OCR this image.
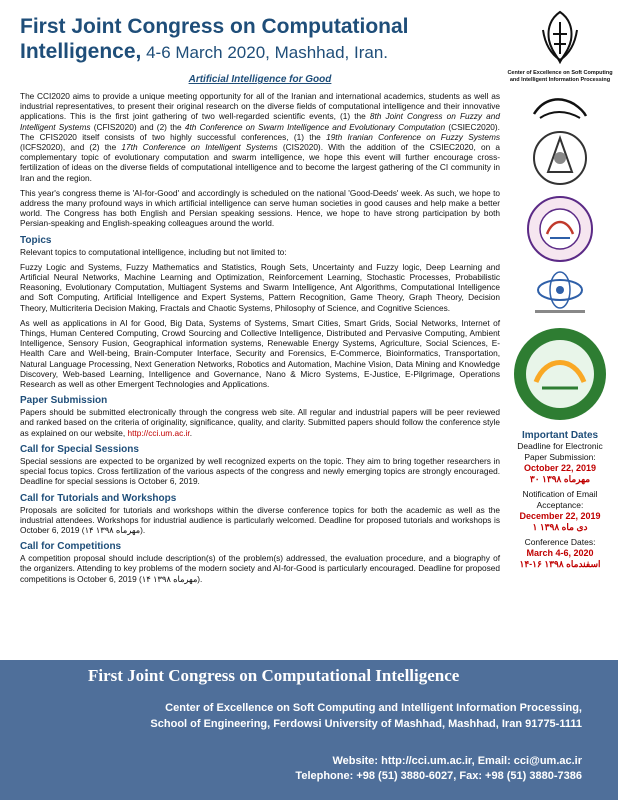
First Joint Congress on Computational
Intelligence, 4-6 March 2020, Mashhad, Iran.
Artificial Intelligence for Good

The CCI2020 aims to provide a unique meeting opportunity for all of the Iranian and international academics, students as well as industrial representatives, to present their original research on the diverse fields of computational intelligence and their innovative applications. This is the first joint gathering of two well-regarded scientific events, (1) the 8th Joint Congress on Fuzzy and Intelligent Systems (CFIS2020) and (2) the 4th Conference on Swarm Intelligence and Evolutionary Computation (CSIEC2020). The CFIS2020 itself consists of two highly successful conferences, (1) the 19th Iranian Conference on Fuzzy Systems (ICFS2020), and (2) the 17th Conference on Intelligent Systems (CIS2020). With the addition of the CSIEC2020, on a complementary topic of evolutionary computation and swarm intelligence, we hope this event will further encourage cross-fertilization of ideas on the diverse fields of computational intelligence and to become the largest gathering of the CI community in Iran and the region.

This year's congress theme is 'AI-for-Good' and accordingly is scheduled on the national 'Good-Deeds' week. As such, we hope to address the many profound ways in which artificial intelligence can serve human societies in good causes and help make a better world. The Congress has both English and Persian speaking sessions. Hence, we hope to have strong participation by both Persian-speaking and English-speaking colleagues around the world.

Topics

Relevant topics to computational intelligence, including but not limited to:

Fuzzy Logic and Systems, Fuzzy Mathematics and Statistics, Rough Sets, Uncertainty and Fuzzy logic, Deep Learning and Artificial Neural Networks, Machine Learning and Optimization, Reinforcement Learning, Stochastic Processes, Probabilistic Reasoning, Evolutionary Computation, Multiagent Systems and Swarm Intelligence, Ant Algorithms, Computational Intelligence and Soft Computing, Artificial Intelligence and Expert Systems, Pattern Recognition, Game Theory, Graph Theory, Decision Theory, Multicriteria Decision Making, Fractals and Chaotic Systems, Philosophy of Science, and Cognitive Sciences.

As well as applications in AI for Good, Big Data, Systems of Systems, Smart Cities, Smart Grids, Social Networks, Internet of Things, Human Centered Computing, Crowd Sourcing and Collective Intelligence, Distributed and Pervasive Computing, Ambient Intelligence, Sensory Fusion, Geographical information systems, Renewable Energy Systems, Agriculture, Social Sciences, E-Health Care and Well-being, Brain-Computer Interface, Security and Forensics, E-Commerce, Bioinformatics, Transportation, Natural Language Processing, Next Generation Networks, Robotics and Automation, Machine Vision, Data Mining and Knowledge Discovery, Web-based Learning, Intelligence and Governance, Nano & Micro Systems, E-Justice, E-Pilgrimage, Operations Research as well as other Emergent Technologies and Applications.

Paper Submission

Papers should be submitted electronically through the congress web site. All regular and industrial papers will be peer reviewed and ranked based on the criteria of originality, significance, quality, and clarity. Submitted papers should follow the conference style as explained on our website, http://cci.um.ac.ir.

Call for Special Sessions

Special sessions are expected to be organized by well recognized experts on the topic. They aim to bring together researchers in special focus topics. Cross fertilization of the various aspects of the congress and newly emerging topics are strongly encouraged. Deadline for special sessions is October 6, 2019.

Call for Tutorials and Workshops

Proposals are solicited for tutorials and workshops within the diverse conference topics for both the academic as well as the industrial attendees. Workshops for industrial audience is particularly welcomed. Deadline for proposed tutorials and workshops is October 6, 2019 (۱۴ مهرماه ۱۳۹۸).

Call for Competitions

A competition proposal should include description(s) of the problem(s) addressed, the evaluation procedure, and a biography of the organizers. Attending to key problems of the modern society and AI-for-Good is particularly encouraged. Deadline for proposed competitions is October 6, 2019 (۱۴ مهرماه ۱۳۹۸).

Center of Excellence on Soft Computing and Intelligent Information Processing
Important Dates
Deadline for Electronic Paper Submission:
October 22, 2019
۳۰ مهرماه ۱۳۹۸
Notification of Email Acceptance:
December 22, 2019
۱ دی ماه ۱۳۹۸
Conference Dates:
March 4-6, 2020
۱۴-۱۶ اسفندماه ۱۳۹۸
First Joint Congress on Computational Intelligence
Center of Excellence on Soft Computing and Intelligent Information Processing,
School of Engineering, Ferdowsi University of Mashhad, Mashhad, Iran 91775-1111
Website: http://cci.um.ac.ir, Email: cci@um.ac.ir
Telephone: +98 (51) 3880-6027, Fax: +98 (51) 3880-7386
